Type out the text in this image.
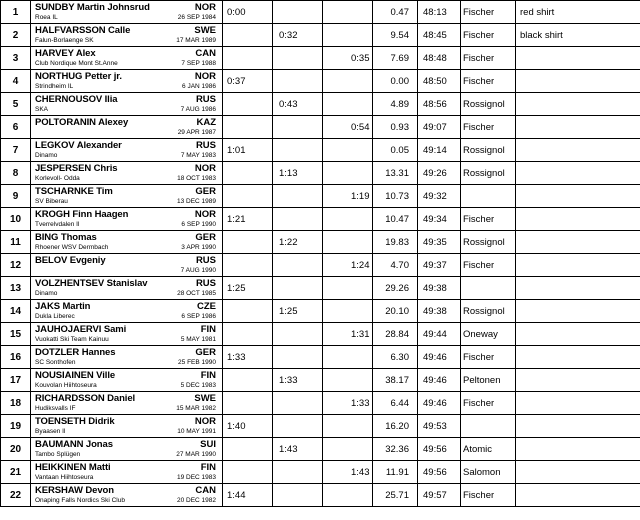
1	SUNDBY Martin Johnsrud NOR
Roea IL 26 SEP 1984	0:00			0.47	48:13	Fischer	red shirt
2	HALFVARSSON Calle SWE
Falun-Borlaenge SK 17 MAR 1989		0:32		9.54	48:45	Fischer	black shirt
3	HARVEY Alex CAN
Club Nordique Mont St.Anne 7 SEP 1988			0:35	7.69	48:48	Fischer	
4	NORTHUG Petter jr. NOR
Strindheim IL 6 JAN 1986	0:37			0.00	48:50	Fischer	
5	CHERNOUSOV Ilia RUS
SKA 7 AUG 1986		0:43		4.89	48:56	Rossignol	
6	POLTORANIN Alexey KAZ
29 APR 1987			0:54	0.93	49:07	Fischer	
7	LEGKOV Alexander RUS
Dinamo 7 MAY 1983	1:01			0.05	49:14	Rossignol	
8	JESPERSEN Chris NOR
Korlevoll- Odda 18 OCT 1983		1:13		13.31	49:26	Rossignol	
9	TSCHARNKE Tim GER
SV Biberau 13 DEC 1989			1:19	10.73	49:32		
10	KROGH Finn Haagen NOR
Tverrelvdalen Il 6 SEP 1990	1:21			10.47	49:34	Fischer	
11	BING Thomas GER
Rhoener WSV Dermbach 3 APR 1990		1:22		19.83	49:35	Rossignol	
12	BELOV Evgeniy RUS
7 AUG 1990			1:24	4.70	49:37	Fischer	
13	VOLZHENTSEV Stanislav RUS
Dinamo 28 OCT 1985	1:25			29.26	49:38		
14	JAKS Martin CZE
Dukla Liberec 6 SEP 1986		1:25		20.10	49:38	Rossignol	
15	JAUHOJAERVI Sami FIN
Vuokatti Ski Team Kainuu 5 MAY 1981			1:31	28.84	49:44	Oneway	
16	DOTZLER Hannes GER
SC Sonthofen 25 FEB 1990	1:33			6.30	49:46	Fischer	
17	NOUSIAINEN Ville FIN
Kouvolan Hiihtoseura 5 DEC 1983		1:33		38.17	49:46	Peltonen	
18	RICHARDSSON Daniel SWE
Hudiksvalls IF 15 MAR 1982			1:33	6.44	49:46	Fischer	
19	TOENSETH Didrik NOR
Byaasen Il 10 MAY 1991	1:40			16.20	49:53		
20	BAUMANN Jonas SUI
Tambo Splügen 27 MAR 1990		1:43		32.36	49:56	Atomic	
21	HEIKKINEN Matti FIN
Vantaan Hiihtoseura 19 DEC 1983			1:43	11.91	49:56	Salomon	
22	KERSHAW Devon CAN
Onaping Falls Nordics Ski Club 20 DEC 1982	1:44			25.71	49:57	Fischer	
